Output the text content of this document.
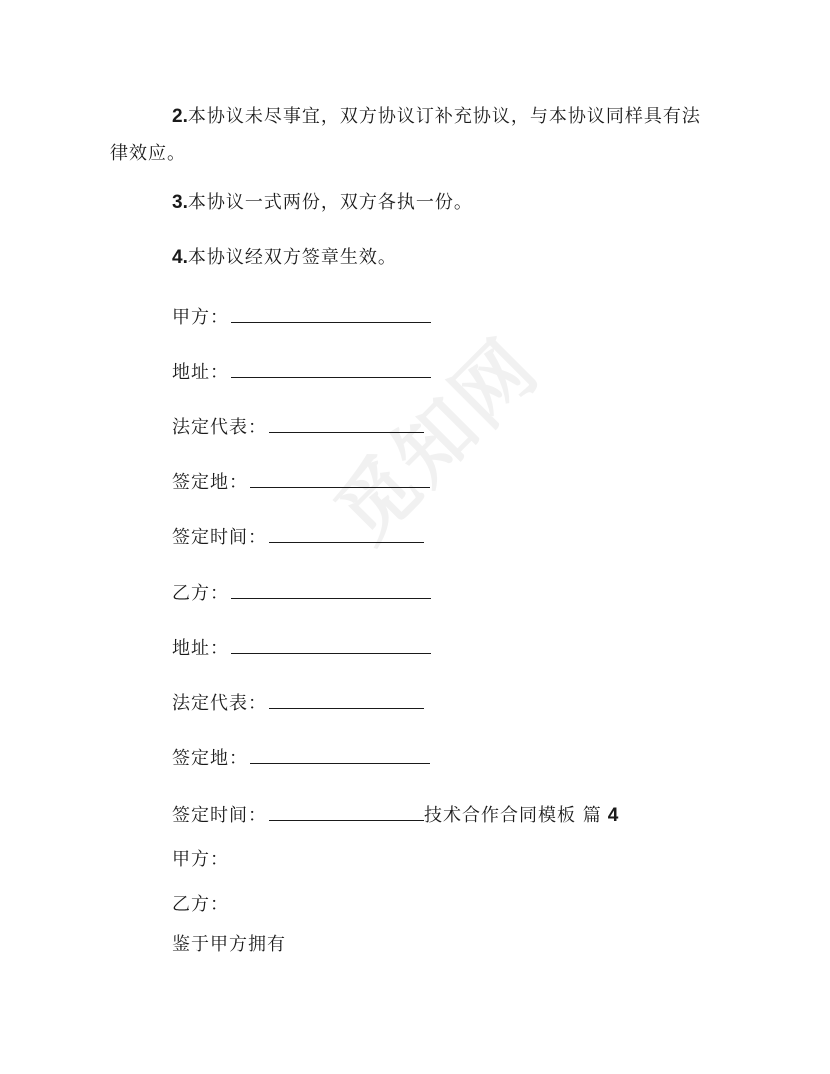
觅知网
2.本协议未尽事宜，双方协议订补充协议，与本协议同样具有法
律效应。
3.本协议一式两份，双方各执一份。
4.本协议经双方签章生效。
甲方：
地址：
法定代表：
签定地：
签定时间：
乙方：
地址：
法定代表：
签定地：
签定时间：	技术合作合同模板 篇 4
甲方：
乙方：
鉴于甲方拥有
